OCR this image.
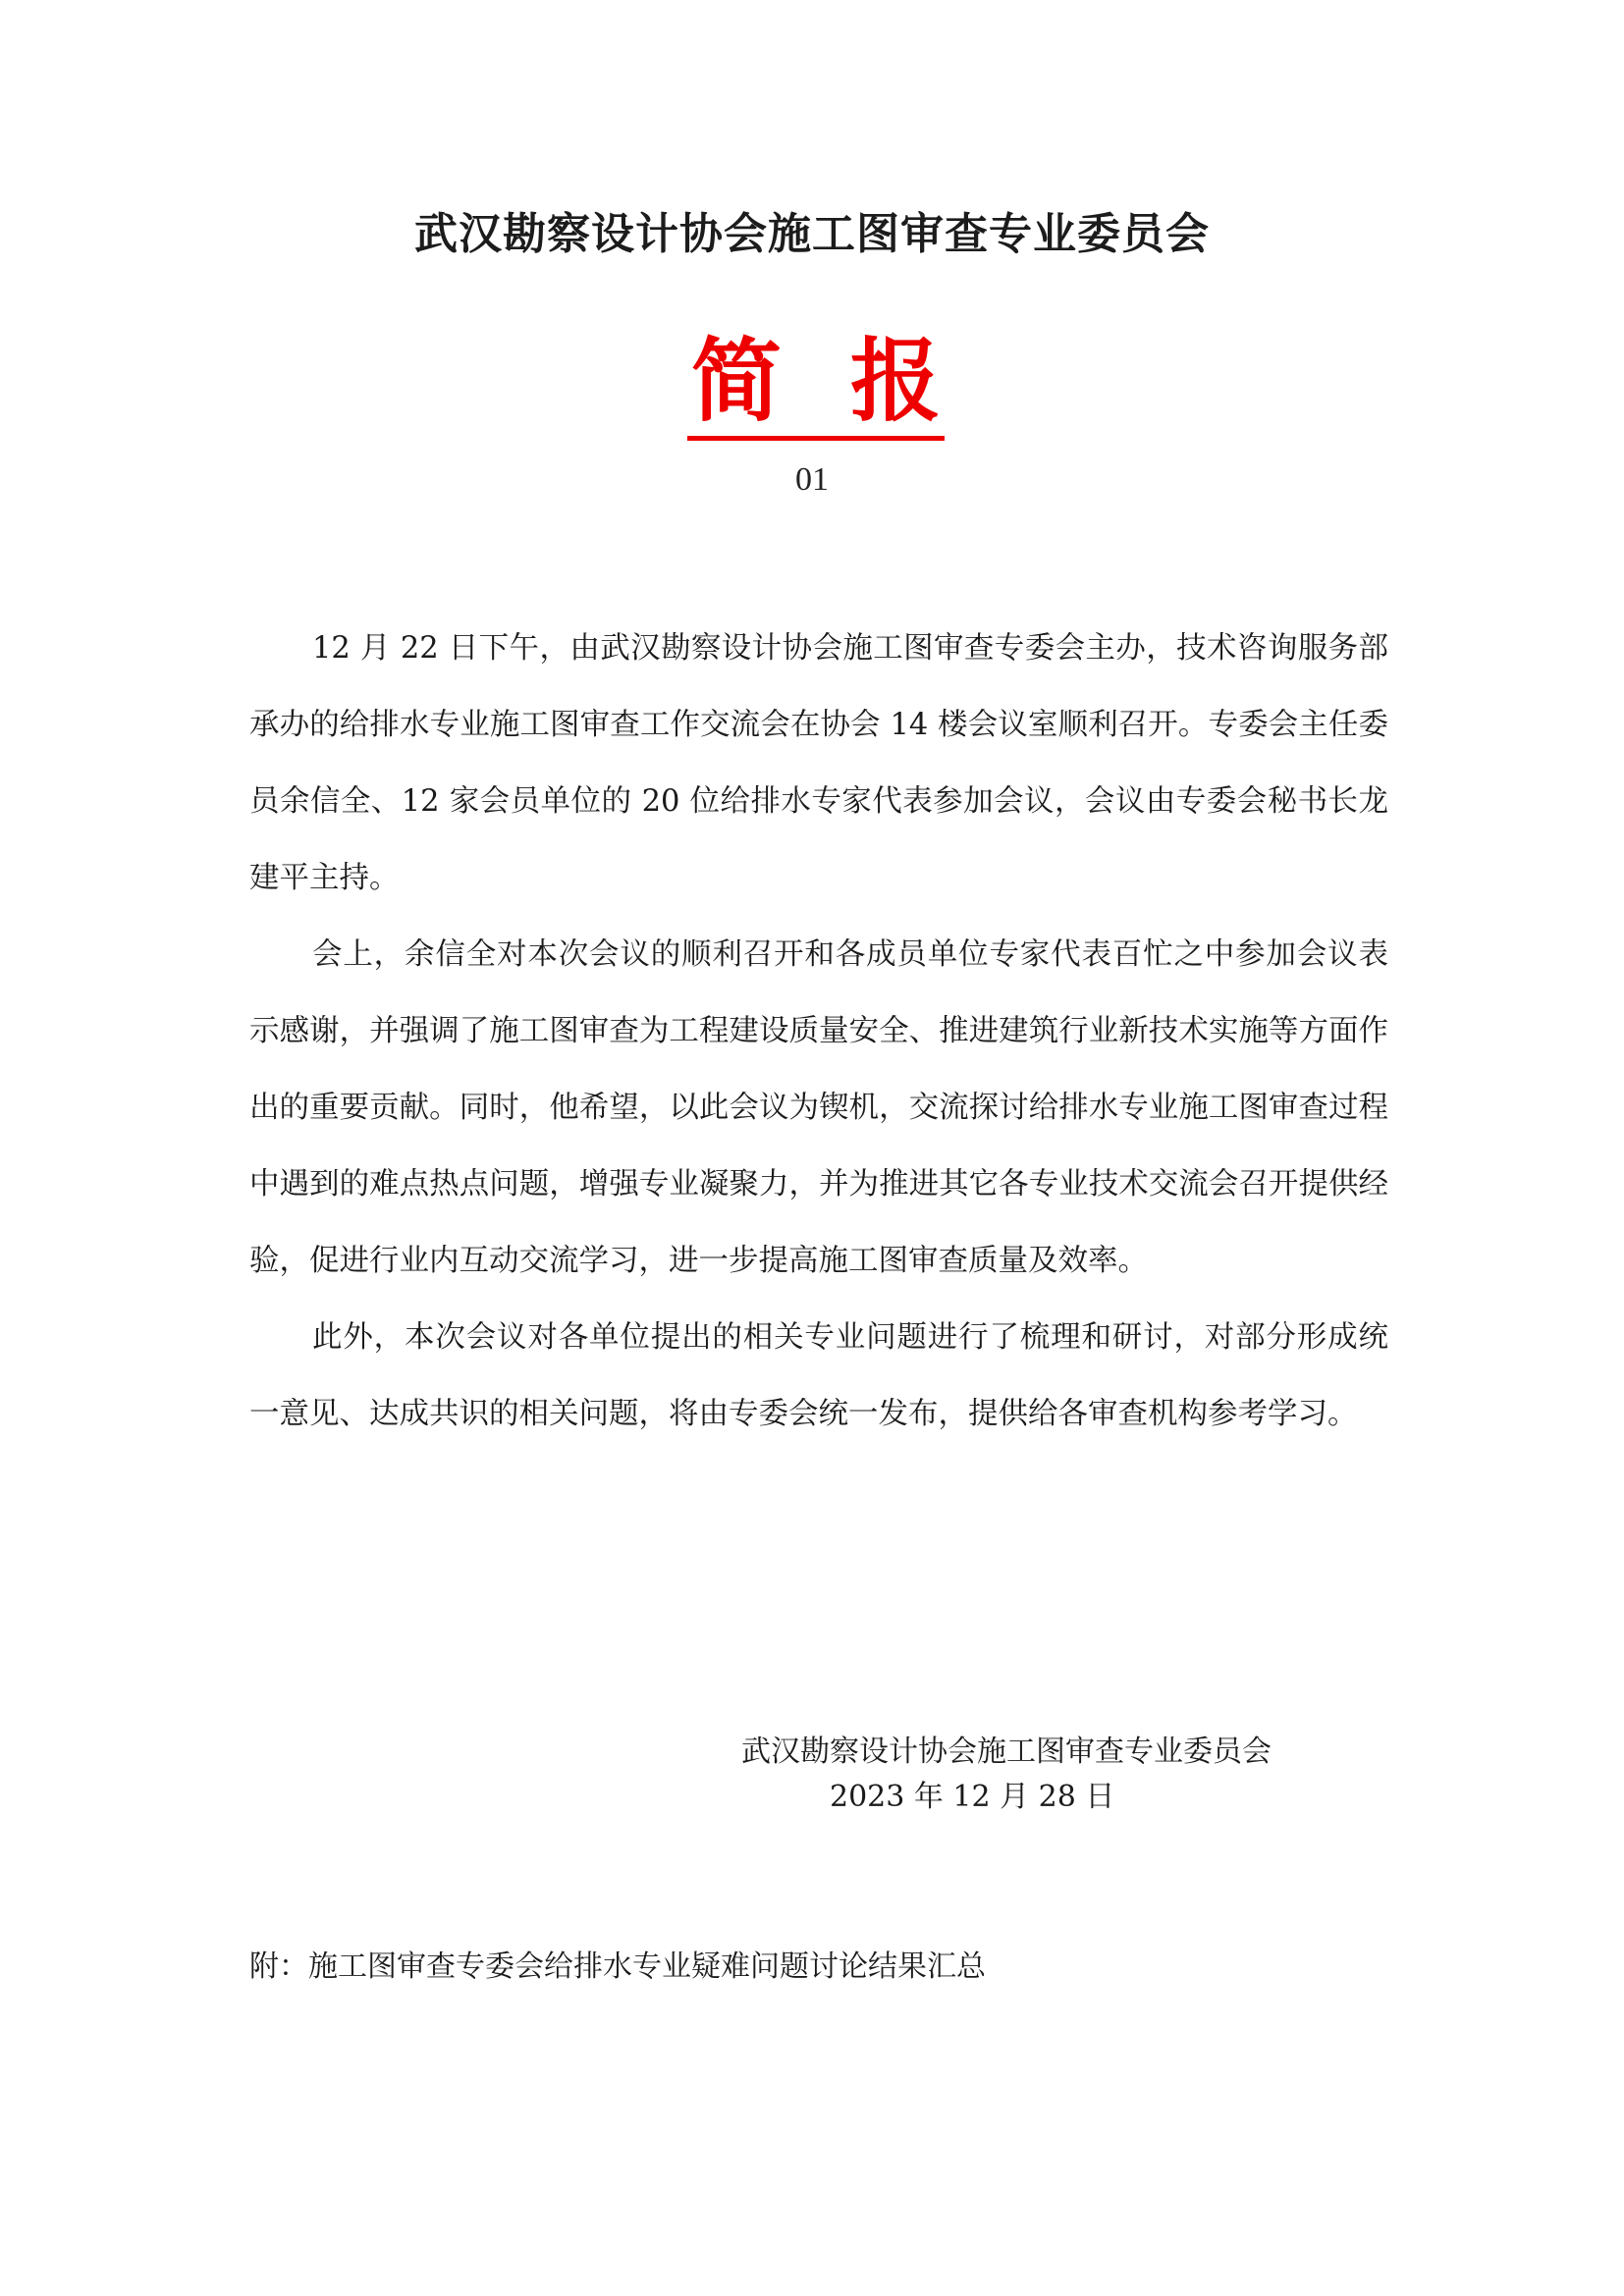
武汉勘察设计协会施工图审查专业委员会
简 报
01

12 月 22 日下午，由武汉勘察设计协会施工图审查专委会主办，技术咨询服务部承办的给排水专业施工图审查工作交流会在协会 14 楼会议室顺利召开。专委会主任委员余信全、12 家会员单位的 20 位给排水专家代表参加会议，会议由专委会秘书长龙建平主持。

会上，余信全对本次会议的顺利召开和各成员单位专家代表百忙之中参加会议表示感谢，并强调了施工图审查为工程建设质量安全、推进建筑行业新技术实施等方面作出的重要贡献。同时，他希望，以此会议为锲机，交流探讨给排水专业施工图审查过程中遇到的难点热点问题，增强专业凝聚力，并为推进其它各专业技术交流会召开提供经验，促进行业内互动交流学习，进一步提高施工图审查质量及效率。

此外，本次会议对各单位提出的相关专业问题进行了梳理和研讨，对部分形成统一意见、达成共识的相关问题，将由专委会统一发布，提供给各审查机构参考学习。

武汉勘察设计协会施工图审查专业委员会
2023 年 12 月 28 日
附：施工图审查专委会给排水专业疑难问题讨论结果汇总
